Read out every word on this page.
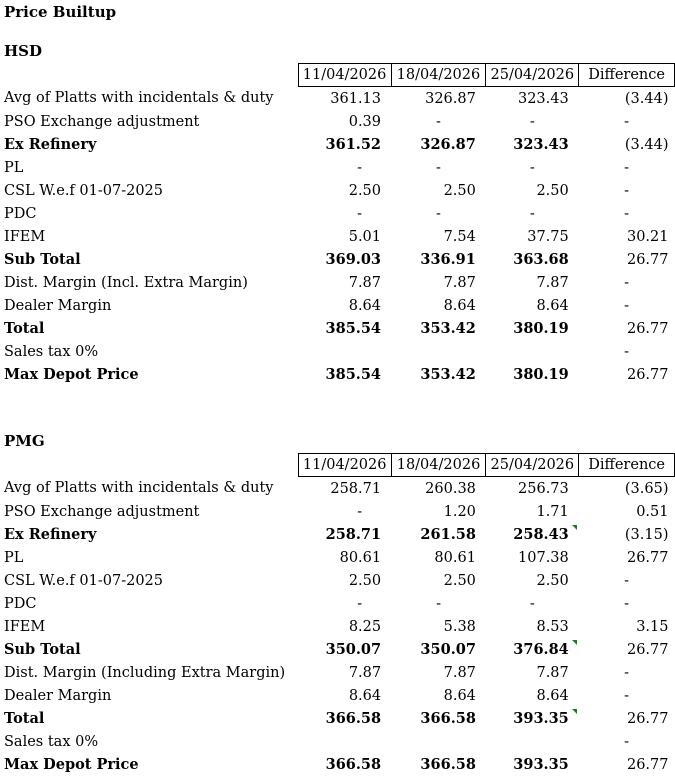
Price Builtup
HSD
	11/04/2026	18/04/2026	25/04/2026	Difference
Avg of Platts with incidentals & duty	361.13	326.87	323.43	(3.44)
PSO Exchange adjustment	0.39	-	-	-
Ex Refinery	361.52	326.87	323.43	(3.44)
PL	-	-	-	-
CSL W.e.f 01-07-2025	2.50	2.50	2.50	-
PDC	-	-	-	-
IFEM	5.01	7.54	37.75	30.21
Sub Total	369.03	336.91	363.68	26.77
Dist. Margin (Incl. Extra Margin)	7.87	7.87	7.87	-
Dealer Margin	8.64	8.64	8.64	-
Total	385.54	353.42	380.19	26.77
Sales tax 0%				-
Max Depot Price	385.54	353.42	380.19	26.77
PMG
	11/04/2026	18/04/2026	25/04/2026	Difference
Avg of Platts with incidentals & duty	258.71	260.38	256.73	(3.65)
PSO Exchange adjustment	-	1.20	1.71	0.51
Ex Refinery	258.71	261.58	258.43	(3.15)
PL	80.61	80.61	107.38	26.77
CSL W.e.f 01-07-2025	2.50	2.50	2.50	-
PDC	-	-	-	-
IFEM	8.25	5.38	8.53	3.15
Sub Total	350.07	350.07	376.84	26.77
Dist. Margin (Including Extra Margin)	7.87	7.87	7.87	-
Dealer Margin	8.64	8.64	8.64	-
Total	366.58	366.58	393.35	26.77
Sales tax 0%				-
Max Depot Price	366.58	366.58	393.35	26.77
